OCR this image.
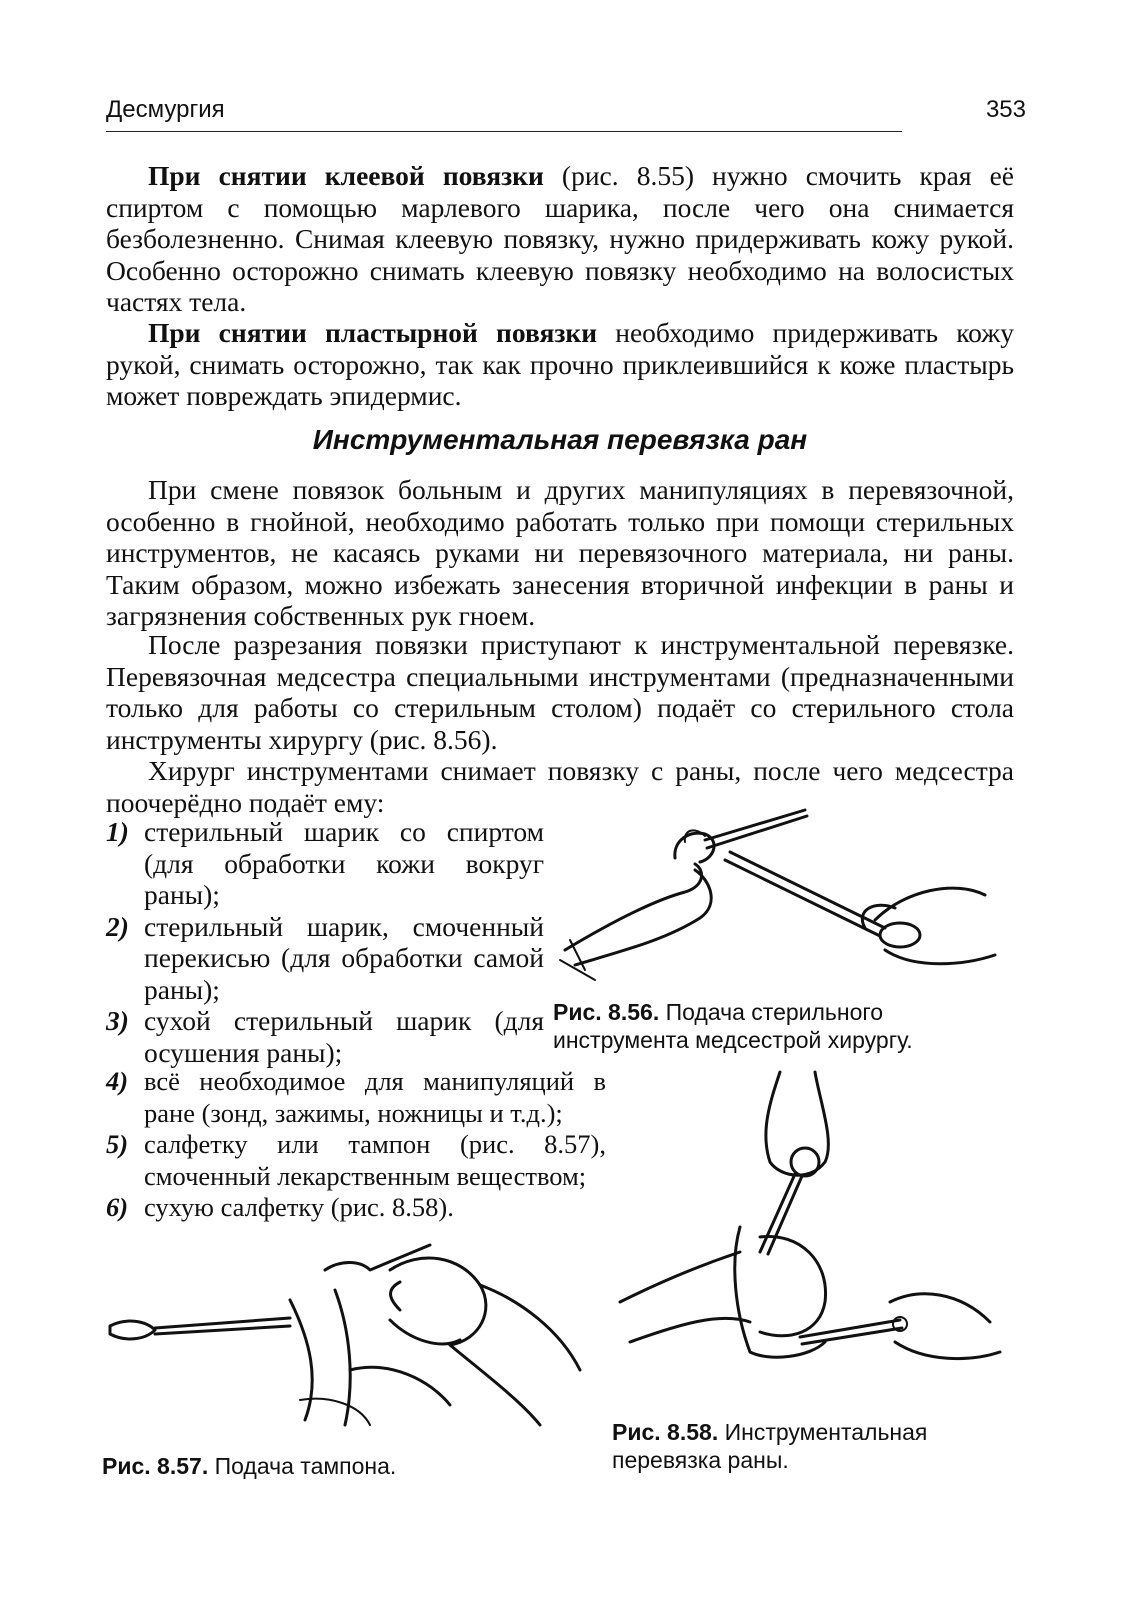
Десмургия	353

При снятии клеевой повязки (рис. 8.55) нужно смочить края её спиртом с помощью марлевого шарика, после чего она снимается безболезненно. Снимая клеевую повязку, нужно придерживать кожу рукой. Особенно осторожно снимать клеевую повязку необходимо на волосистых частях тела.

При снятии пластырной повязки необходимо придерживать кожу рукой, снимать осторожно, так как прочно приклеившийся к коже пластырь может повреждать эпидермис.

Инструментальная перевязка ран

При смене повязок больным и других манипуляциях в перевязочной, особенно в гнойной, необходимо работать только при помощи стерильных инструментов, не касаясь руками ни перевязочного материала, ни раны. Таким образом, можно избежать занесения вторичной инфекции в раны и загрязнения собственных рук гноем.

После разрезания повязки приступают к инструментальной перевязке. Перевязочная медсестра специальными инструментами (предназначенными только для работы со стерильным столом) подаёт со стерильного стола инструменты хирургу (рис. 8.56).

Хирург инструментами снимает повязку с раны, после чего медсестра поочерёдно подаёт ему:

1) стерильный шарик со спиртом (для обработки кожи вокруг раны);
2) стерильный шарик, смоченный перекисью (для обработки самой раны);
3) сухой стерильный шарик (для осушения раны);
4) всё необходимое для манипуляций в ране (зонд, зажимы, ножницы и т.д.);
5) салфетку или тампон (рис. 8.57), смоченный лекарственным веществом;
6) сухую салфетку (рис. 8.58).
Рис. 8.56. Подача стерильного инструмента медсестрой хирургу.
Рис. 8.58. Инструментальная перевязка раны.
Рис. 8.57. Подача тампона.
